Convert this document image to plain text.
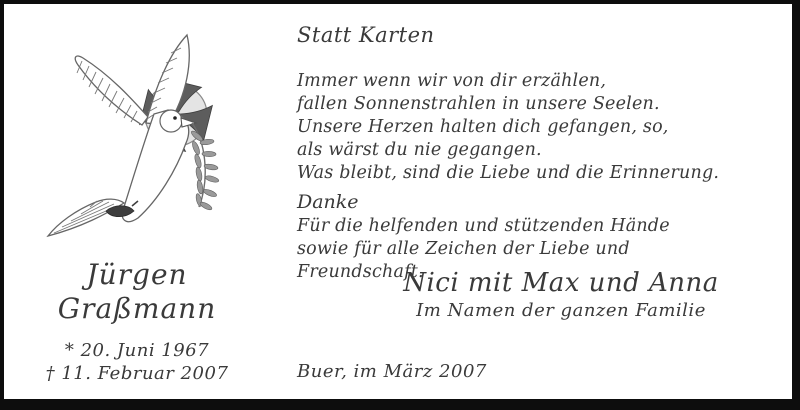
Statt Karten
Immer wenn wir von dir erzählen,
fallen Sonnenstrahlen in unsere Seelen.
Unsere Herzen halten dich gefangen, so,
als wärst du nie gegangen.
Was bleibt, sind die Liebe und die Erinnerung.
Danke
Für die helfenden und stützenden Hände
sowie für alle Zeichen der Liebe und Freundschaft.
Jürgen
Graßmann
* 20. Juni 1967
† 11. Februar 2007
Nici mit Max und Anna
Im Namen der ganzen Familie
Buer, im März 2007
